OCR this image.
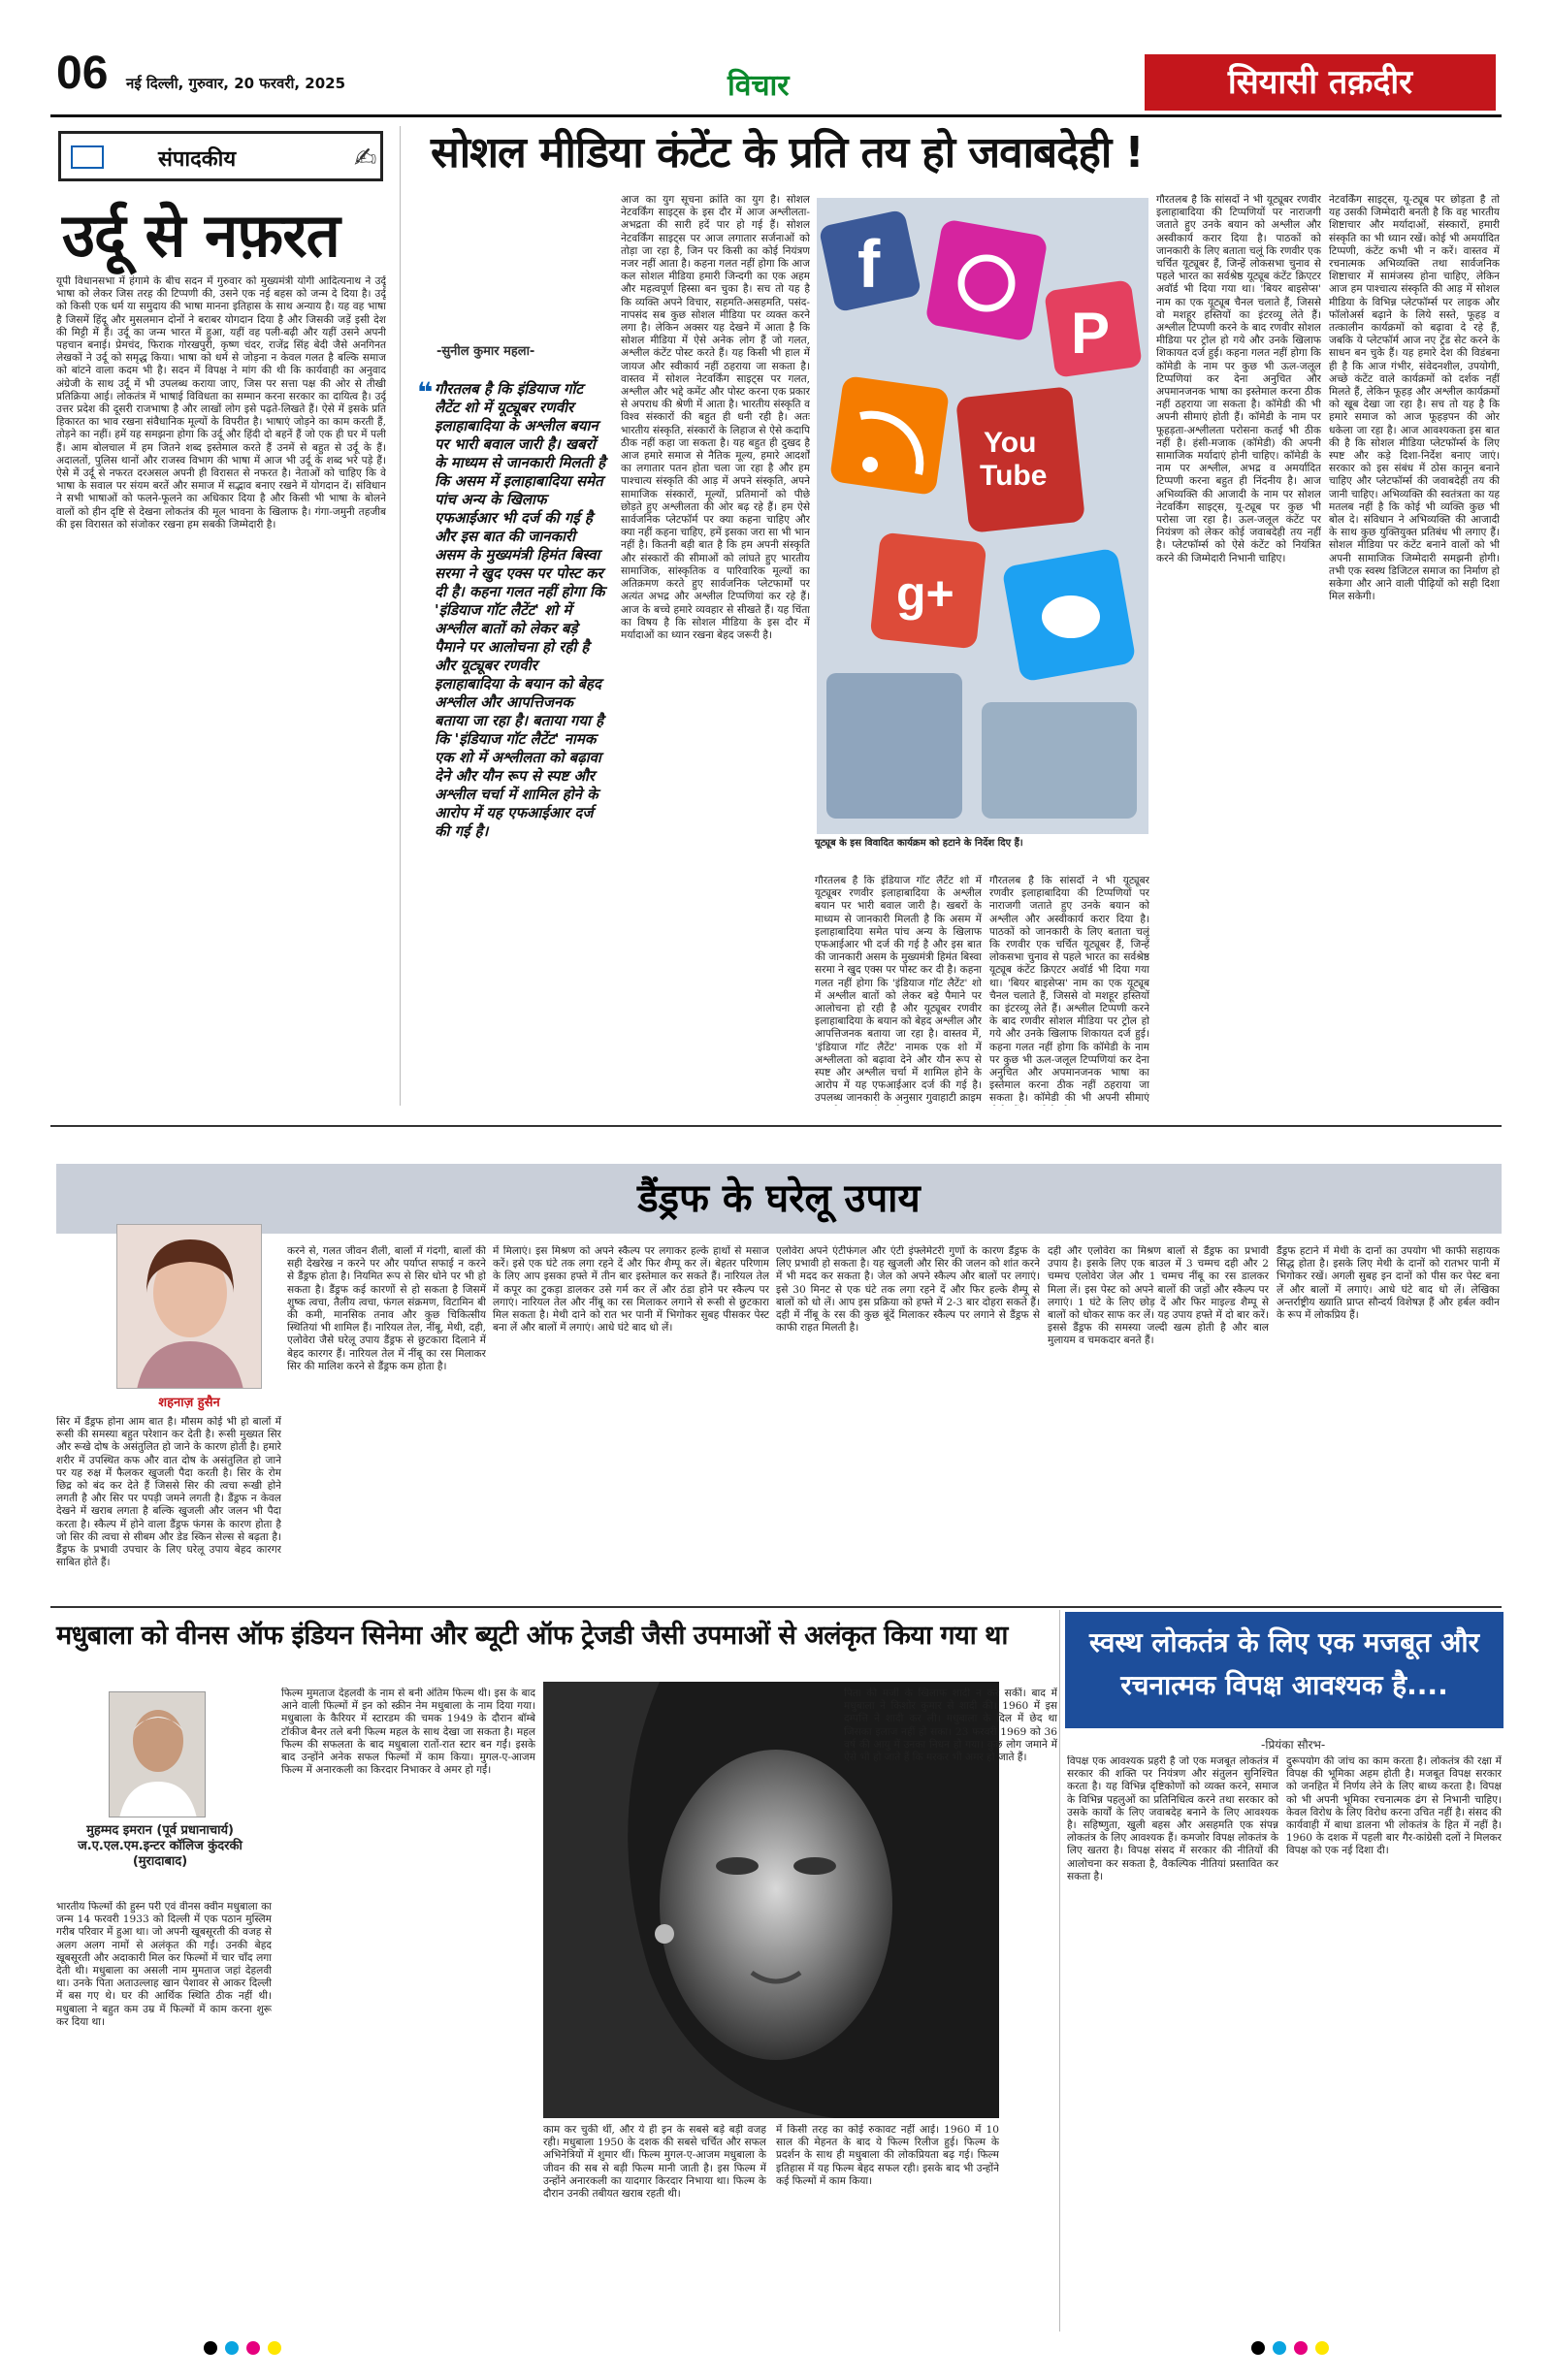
06 नई दिल्ली, गुरुवार, 20 फरवरी, 2025	विचार	सियासी तक़दीर
संपादकीय	✍
उर्दू से नफ़रत
यूपी विधानसभा में हंगामे के बीच सदन में गुरुवार को मुख्यमंत्री योगी आदित्यनाथ ने उर्दू भाषा को लेकर जिस तरह की टिप्पणी की, उसने एक नई बहस को जन्म दे दिया है। उर्दू को किसी एक धर्म या समुदाय की भाषा मानना इतिहास के साथ अन्याय है। यह वह भाषा है जिसमें हिंदू और मुसलमान दोनों ने बराबर योगदान दिया है और जिसकी जड़ें इसी देश की मिट्टी में हैं। उर्दू का जन्म भारत में हुआ, यहीं वह पली-बढ़ी और यहीं उसने अपनी पहचान बनाई। प्रेमचंद, फिराक गोरखपुरी, कृष्ण चंदर, राजेंद्र सिंह बेदी जैसे अनगिनत लेखकों ने उर्दू को समृद्ध किया। भाषा को धर्म से जोड़ना न केवल गलत है बल्कि समाज को बांटने वाला कदम भी है। सदन में विपक्ष ने मांग की थी कि कार्यवाही का अनुवाद अंग्रेजी के साथ उर्दू में भी उपलब्ध कराया जाए, जिस पर सत्ता पक्ष की ओर से तीखी प्रतिक्रिया आई। लोकतंत्र में भाषाई विविधता का सम्मान करना सरकार का दायित्व है। उर्दू उत्तर प्रदेश की दूसरी राजभाषा है और लाखों लोग इसे पढ़ते-लिखते हैं। ऐसे में इसके प्रति हिकारत का भाव रखना संवैधानिक मूल्यों के विपरीत है। भाषाएं जोड़ने का काम करती हैं, तोड़ने का नहीं। हमें यह समझना होगा कि उर्दू और हिंदी दो बहनें हैं जो एक ही घर में पली हैं। आम बोलचाल में हम जितने शब्द इस्तेमाल करते हैं उनमें से बहुत से उर्दू के हैं। अदालतों, पुलिस थानों और राजस्व विभाग की भाषा में आज भी उर्दू के शब्द भरे पड़े हैं। ऐसे में उर्दू से नफरत दरअसल अपनी ही विरासत से नफरत है। नेताओं को चाहिए कि वे भाषा के सवाल पर संयम बरतें और समाज में सद्भाव बनाए रखने में योगदान दें। संविधान ने सभी भाषाओं को फलने-फूलने का अधिकार दिया है और किसी भी भाषा के बोलने वालों को हीन दृष्टि से देखना लोकतंत्र की मूल भावना के खिलाफ है। गंगा-जमुनी तहजीब की इस विरासत को संजोकर रखना हम सबकी जिम्मेदारी है।
सोशल मीडिया कंटेंट के प्रति तय हो जवाबदेही !
-सुनील कुमार महला-
❝ गौरतलब है कि इंडियाज गॉट लैटेंट शो में यूट्यूबर रणवीर इलाहाबादिया के अश्लील बयान पर भारी बवाल जारी है। खबरों के माध्यम से जानकारी मिलती है कि असम में इलाहाबादिया समेत पांच अन्य के खिलाफ एफआईआर भी दर्ज की गई है और इस बात की जानकारी असम के मुख्यमंत्री हिमंत बिस्वा सरमा ने खुद एक्स पर पोस्ट कर दी है। कहना गलत नहीं होगा कि 'इंडियाज गॉट लैटेंट' शो में अश्लील बातों को लेकर बड़े पैमाने पर आलोचना हो रही है और यूट्यूबर रणवीर इलाहाबादिया के बयान को बेहद अश्लील और आपत्तिजनक बताया जा रहा है। बताया गया है कि 'इंडियाज गॉट लैटेंट' नामक एक शो में अश्लीलता को बढ़ावा देने और यौन रूप से स्पष्ट और अश्लील चर्चा में शामिल होने के आरोप में यह एफआईआर दर्ज की गई है।
आज का युग सूचना क्रांति का युग है। सोशल नेटवर्किंग साइट्स के इस दौर में आज अश्लीलता-अभद्रता की सारी हदें पार हो गई हैं। सोशल नेटवर्किंग साइट्स पर आज लगातार सर्जनाओं को तोड़ा जा रहा है, जिन पर किसी का कोई नियंत्रण नजर नहीं आता है। कहना गलत नहीं होगा कि आज कल सोशल मीडिया हमारी जिन्दगी का एक अहम और महत्वपूर्ण हिस्सा बन चुका है। सच तो यह है कि व्यक्ति अपने विचार, सहमति-असहमति, पसंद-नापसंद सब कुछ सोशल मीडिया पर व्यक्त करने लगा है। लेकिन अक्सर यह देखने में आता है कि सोशल मीडिया में ऐसे अनेक लोग हैं जो गलत, अश्लील कंटेंट पोस्ट करते हैं। यह किसी भी हाल में जायज और स्वीकार्य नहीं ठहराया जा सकता है। वास्तव में सोशल नेटवर्किंग साइट्स पर गलत, अश्लील और भद्दे कमेंट और पोस्ट करना एक प्रकार से अपराध की श्रेणी में आता है। भारतीय संस्कृति व विश्व संस्कारों की बहुत ही धनी रही है। अतः भारतीय संस्कृति, संस्कारों के लिहाज से ऐसे कदापि ठीक नहीं कहा जा सकता है। यह बहुत ही दुखद है आज हमारे समाज से नैतिक मूल्य, हमारे आदर्शों का लगातार पतन होता चला जा रहा है और हम पाश्चात्य संस्कृति की आड़ में अपने संस्कृति, अपने सामाजिक संस्कारों, मूल्यों, प्रतिमानों को पीछे छोड़ते हुए अश्लीलता की ओर बढ़ रहे हैं। हम ऐसे सार्वजनिक प्लेटफॉर्म पर क्या कहना चाहिए और क्या नहीं कहना चाहिए, हमें इसका जरा सा भी भान नहीं है। कितनी बड़ी बात है कि हम अपनी संस्कृति और संस्कारों की सीमाओं को लांघते हुए भारतीय सामाजिक, सांस्कृतिक व पारिवारिक मूल्यों का अतिक्रमण करते हुए सार्वजनिक प्लेटफार्मों पर अत्यंत अभद्र और अश्लील टिप्पणियां कर रहे हैं। आज के बच्चे हमारे व्यवहार से सीखते हैं। यह चिंता का विषय है कि सोशल मीडिया के इस दौर में मर्यादाओं का ध्यान रखना बेहद जरूरी है।
f
P
You
Tube
g+
यूट्यूब के इस विवादित कार्यक्रम को हटाने के निर्देश दिए हैं।
गौरतलब है कि इंडियाज गॉट लैटेंट शो में यूट्यूबर रणवीर इलाहाबादिया के अश्लील बयान पर भारी बवाल जारी है। खबरों के माध्यम से जानकारी मिलती है कि असम में इलाहाबादिया समेत पांच अन्य के खिलाफ एफआईआर भी दर्ज की गई है और इस बात की जानकारी असम के मुख्यमंत्री हिमंत बिस्वा सरमा ने खुद एक्स पर पोस्ट कर दी है। कहना गलत नहीं होगा कि 'इंडियाज गॉट लैटेंट' शो में अश्लील बातों को लेकर बड़े पैमाने पर आलोचना हो रही है और यूट्यूबर रणवीर इलाहाबादिया के बयान को बेहद अश्लील और आपत्तिजनक बताया जा रहा है। वास्तव में, 'इंडियाज गॉट लैटेंट' नामक एक शो में अश्लीलता को बढ़ावा देने और यौन रूप से स्पष्ट और अश्लील चर्चा में शामिल होने के आरोप में यह एफआईआर दर्ज की गई है। उपलब्ध जानकारी के अनुसार गुवाहाटी क्राइम
गौरतलब है कि सांसदों ने भी यूट्यूबर रणवीर इलाहाबादिया की टिप्पणियों पर नाराजगी जताते हुए उनके बयान को अश्लील और अस्वीकार्य करार दिया है। पाठकों को जानकारी के लिए बताता चलूं कि रणवीर एक चर्चित यूट्यूबर हैं, जिन्हें लोकसभा चुनाव से पहले भारत का सर्वश्रेष्ठ यूट्यूब कंटेंट क्रिएटर अवॉर्ड भी दिया गया था। 'बियर बाइसेप्स' नाम का एक यूट्यूब चैनल चलाते हैं, जिससे वो मशहूर हस्तियों का इंटरव्यू लेते हैं। अश्लील टिप्पणी करने के बाद रणवीर सोशल मीडिया पर ट्रोल हो गये और उनके खिलाफ शिकायत दर्ज हुई। कहना गलत नहीं होगा कि कॉमेडी के नाम पर कुछ भी ऊल-जलूल टिप्पणियां कर देना अनुचित और अपमानजनक भाषा का इस्तेमाल करना ठीक नहीं ठहराया जा सकता है। कॉमेडी की भी अपनी सीमाएं
गौरतलब है कि सांसदों ने भी यूट्यूबर रणवीर इलाहाबादिया की टिप्पणियों पर नाराजगी जताते हुए उनके बयान को अश्लील और अस्वीकार्य करार दिया है। पाठकों को जानकारी के लिए बताता चलूं कि रणवीर एक चर्चित यूट्यूबर हैं, जिन्हें लोकसभा चुनाव से पहले भारत का सर्वश्रेष्ठ यूट्यूब कंटेंट क्रिएटर अवॉर्ड भी दिया गया था। 'बियर बाइसेप्स' नाम का एक यूट्यूब चैनल चलाते हैं, जिससे वो मशहूर हस्तियों का इंटरव्यू लेते हैं। अश्लील टिप्पणी करने के बाद रणवीर सोशल मीडिया पर ट्रोल हो गये और उनके खिलाफ शिकायत दर्ज हुई। कहना गलत नहीं होगा कि कॉमेडी के नाम पर कुछ भी ऊल-जलूल टिप्पणियां कर देना अनुचित और अपमानजनक भाषा का इस्तेमाल करना ठीक नहीं ठहराया जा सकता है। कॉमेडी की भी अपनी सीमाएं होती हैं। कॉमेडी के नाम पर फूहड़ता-अश्लीलता परोसना कतई भी ठीक नहीं है। हंसी-मजाक (कॉमेडी) की अपनी सामाजिक मर्यादाएं होनी चाहिए। कॉमेडी के नाम पर अश्लील, अभद्र व अमर्यादित टिप्पणी करना बहुत ही निंदनीय है। आज अभिव्यक्ति की आजादी के नाम पर सोशल नेटवर्किंग साइट्स, यू-ट्यूब पर कुछ भी परोसा जा रहा है। ऊल-जलूल कंटेंट पर नियंत्रण को लेकर कोई जवाबदेही तय नहीं है। प्लेटफॉर्म्स को ऐसे कंटेंट को नियंत्रित करने की जिम्मेदारी निभानी चाहिए।
नेटवर्किंग साइट्स, यू-ट्यूब पर छोड़ता है तो यह उसकी जिम्मेदारी बनती है कि वह भारतीय शिष्टाचार और मर्यादाओं, संस्कारों, हमारी संस्कृति का भी ध्यान रखें। कोई भी अमर्यादित टिप्पणी, कंटेंट कभी भी न करें। वास्तव में रचनात्मक अभिव्यक्ति तथा सार्वजनिक शिष्टाचार में सामंजस्य होना चाहिए, लेकिन आज हम पाश्चात्य संस्कृति की आड़ में सोशल मीडिया के विभिन्न प्लेटफॉर्म्स पर लाइक और फॉलोअर्स बढ़ाने के लिये सस्ते, फूहड़ व तत्कालीन कार्यक्रमों को बढ़ावा दे रहे हैं, जबकि ये प्लेटफॉर्म आज नए ट्रेंड सेट करने के साधन बन चुके हैं। यह हमारे देश की विडंबना ही है कि आज गंभीर, संवेदनशील, उपयोगी, अच्छे कंटेंट वाले कार्यक्रमों को दर्शक नहीं मिलते हैं, लेकिन फूहड़ और अश्लील कार्यक्रमों को खूब देखा जा रहा है। सच तो यह है कि हमारे समाज को आज फूहड़पन की ओर धकेला जा रहा है। आज आवश्यकता इस बात की है कि सोशल मीडिया प्लेटफॉर्म्स के लिए स्पष्ट और कड़े दिशा-निर्देश बनाए जाएं। सरकार को इस संबंध में ठोस कानून बनाने चाहिए और प्लेटफॉर्म्स की जवाबदेही तय की जानी चाहिए। अभिव्यक्ति की स्वतंत्रता का यह मतलब नहीं है कि कोई भी व्यक्ति कुछ भी बोल दे। संविधान ने अभिव्यक्ति की आजादी के साथ कुछ युक्तियुक्त प्रतिबंध भी लगाए हैं। सोशल मीडिया पर कंटेंट बनाने वालों को भी अपनी सामाजिक जिम्मेदारी समझनी होगी। तभी एक स्वस्थ डिजिटल समाज का निर्माण हो सकेगा और आने वाली पीढ़ियों को सही दिशा मिल सकेगी।
डैंड्रफ के घरेलू उपाय
शहनाज़ हुसैन
सिर में डैंड्रफ होना आम बात है। मौसम कोई भी हो बालों में रूसी की समस्या बहुत परेशान कर देती है। रूसी मुख्यत सिर और रूखे दोष के असंतुलित हो जाने के कारण होती है। हमारे शरीर में उपस्थित कफ और वात दोष के असंतुलित हो जाने पर यह रुक्ष में फैलकर खुजली पैदा करती है। सिर के रोम छिद्र को बंद कर देते हैं जिससे सिर की त्वचा रूखी होने लगती है और सिर पर पपड़ी जमने लगती है। डैंड्रफ न केवल देखने में खराब लगता है बल्कि खुजली और जलन भी पैदा करता है। स्कैल्प में होने वाला डैंड्रफ फंगस के कारण होता है जो सिर की त्वचा से सीबम और डेड स्किन सेल्स से बढ़ता है। डैंड्रफ के प्रभावी उपचार के लिए घरेलू उपाय बेहद कारगर साबित होते हैं।
करने से, गलत जीवन शैली, बालों में गंदगी, बालों की सही देखरेख न करने पर और पर्याप्त सफाई न करने से डैंड्रफ होता है। नियमित रूप से सिर धोने पर भी हो सकता है। डैंड्रफ कई कारणों से हो सकता है जिसमें शुष्क त्वचा, तैलीय त्वचा, फंगल संक्रमण, विटामिन बी की कमी, मानसिक तनाव और कुछ चिकित्सीय स्थितियां भी शामिल हैं। नारियल तेल, नींबू, मेथी, दही, एलोवेरा जैसे घरेलू उपाय डैंड्रफ से छुटकारा दिलाने में बेहद कारगर हैं। नारियल तेल में नींबू का रस मिलाकर सिर की मालिश करने से डैंड्रफ कम होता है।
में मिलाएं। इस मिश्रण को अपने स्कैल्प पर लगाकर हल्के हाथों से मसाज करें। इसे एक घंटे तक लगा रहने दें और फिर शैम्पू कर लें। बेहतर परिणाम के लिए आप इसका हफ्ते में तीन बार इस्तेमाल कर सकते हैं। नारियल तेल में कपूर का टुकड़ा डालकर उसे गर्म कर लें और ठंडा होने पर स्कैल्प पर लगाएं। नारियल तेल और नींबू का रस मिलाकर लगाने से रूसी से छुटकारा मिल सकता है। मेथी दाने को रात भर पानी में भिगोकर सुबह पीसकर पेस्ट बना लें और बालों में लगाएं। आधे घंटे बाद धो लें।
एलोवेरा अपने एंटीफंगल और एंटी इंफ्लेमेटरी गुणों के कारण डैंड्रफ के लिए प्रभावी हो सकता है। यह खुजली और सिर की जलन को शांत करने में भी मदद कर सकता है। जेल को अपने स्कैल्प और बालों पर लगाएं। इसे 30 मिनट से एक घंटे तक लगा रहने दें और फिर हल्के शैम्पू से बालों को धो लें। आप इस प्रक्रिया को हफ्ते में 2-3 बार दोहरा सकते हैं। दही में नींबू के रस की कुछ बूंदें मिलाकर स्कैल्प पर लगाने से डैंड्रफ से काफी राहत मिलती है।
दही और एलोवेरा का मिश्रण बालों से डैंड्रफ का प्रभावी उपाय है। इसके लिए एक बाउल में 3 चम्मच दही और 2 चम्मच एलोवेरा जेल और 1 चम्मच नींबू का रस डालकर मिला लें। इस पेस्ट को अपने बालों की जड़ों और स्कैल्प पर लगाएं। 1 घंटे के लिए छोड़ दें और फिर माइल्ड शैम्पू से बालों को धोकर साफ कर लें। यह उपाय हफ्ते में दो बार करें। इससे डैंड्रफ की समस्या जल्दी खत्म होती है और बाल मुलायम व चमकदार बनते हैं।
डैंड्रफ हटाने में मेथी के दानों का उपयोग भी काफी सहायक सिद्ध होता है। इसके लिए मेथी के दानों को रातभर पानी में भिगोकर रखें। अगली सुबह इन दानों को पीस कर पेस्ट बना लें और बालों में लगाएं। आधे घंटे बाद धो लें। लेखिका अन्तर्राष्ट्रीय ख्याति प्राप्त सौन्दर्य विशेषज्ञ हैं और हर्बल क्वीन के रूप में लोकप्रिय हैं।
मधुबाला को वीनस ऑफ इंडियन सिनेमा और ब्यूटी ऑफ ट्रेजडी जैसी उपमाओं से अलंकृत किया गया था
मुहम्मद इमरान (पूर्व प्रधानाचार्य) ज.ए.एल.एम.इन्टर कॉलिज कुंदरकी (मुरादाबाद)
भारतीय फिल्मों की हुस्न परी एवं वीनस क्वीन मधुबाला का जन्म 14 फरवरी 1933 को दिल्ली में एक पठान मुस्लिम गरीब परिवार में हुआ था। जो अपनी खूबसूरती की वजह से अलग अलग नामों से अलंकृत की गईं। उनकी बेहद खूबसूरती और अदाकारी मिल कर फिल्मों में चार चाँद लगा देती थी। मधुबाला का असली नाम मुमताज जहां देहलवी था। उनके पिता अताउल्लाह खान पेशावर से आकर दिल्ली में बस गए थे। घर की आर्थिक स्थिति ठीक नहीं थी। मधुबाला ने बहुत कम उम्र में फिल्मों में काम करना शुरू कर दिया था।
फिल्म मुमताज देहलवी के नाम से बनी अंतिम फिल्म थी। इस के बाद आने वाली फिल्मों में इन को स्क्रीन नेम मधुबाला के नाम दिया गया। मधुबाला के कैरियर में स्टारडम की चमक 1949 के दौरान बॉम्बे टॉकीज बैनर तले बनी फिल्म महल के साथ देखा जा सकता है। महल फिल्म की सफलता के बाद मधुबाला रातों-रात स्टार बन गईं। इसके बाद उन्होंने अनेक सफल फिल्मों में काम किया। मुगल-ए-आजम फिल्म में अनारकली का किरदार निभाकर वे अमर हो गईं।
काम कर चुकी थीं, और ये ही इन के सबसे बड़े बड़ी वजह रही। मधुबाला 1950 के दशक की सबसे चर्चित और सफल अभिनेत्रियों में शुमार थीं। फिल्म मुगल-ए-आजम मधुबाला के जीवन की सब से बड़ी फिल्म मानी जाती है। इस फिल्म में उन्होंने अनारकली का यादगार किरदार निभाया था। फिल्म के दौरान उनकी तबीयत खराब रहती थी।
में किसी तरह का कोई रुकावट नहीं आई। 1960 में 10 साल की मेहनत के बाद ये फिल्म रिलीज हुई। फिल्म के प्रदर्शन के साथ ही मधुबाला की लोकप्रियता बढ़ गई। फिल्म इतिहास में यह फिल्म बेहद सफल रही। इसके बाद भी उन्होंने कई फिल्मों में काम किया।
स्वस्थ लोकतंत्र के लिए एक मजबूत और रचनात्मक विपक्ष आवश्यक है....
-प्रियंका सौरभ-
विपक्ष एक आवश्यक प्रहरी है जो एक मजबूत लोकतंत्र में सरकार की शक्ति पर नियंत्रण और संतुलन सुनिश्चित करता है। यह विभिन्न दृष्टिकोणों को व्यक्त करने, समाज के विभिन्न पहलुओं का प्रतिनिधित्व करने तथा सरकार को उसके कार्यों के लिए जवाबदेह बनाने के लिए आवश्यक है। सहिष्णुता, खुली बहस और असहमति एक संपन्न लोकतंत्र के लिए आवश्यक हैं। कमजोर विपक्ष लोकतंत्र के लिए खतरा है। विपक्ष संसद में सरकार की नीतियों की आलोचना कर सकता है, वैकल्पिक नीतियां प्रस्तावित कर सकता है।
दुरूपयोग की जांच का काम करता है। लोकतंत्र की रक्षा में विपक्ष की भूमिका अहम होती है। मजबूत विपक्ष सरकार को जनहित में निर्णय लेने के लिए बाध्य करता है। विपक्ष को भी अपनी भूमिका रचनात्मक ढंग से निभानी चाहिए। केवल विरोध के लिए विरोध करना उचित नहीं है। संसद की कार्यवाही में बाधा डालना भी लोकतंत्र के हित में नहीं है। 1960 के दशक में पहली बार गैर-कांग्रेसी दलों ने मिलकर विपक्ष को एक नई दिशा दी।
पिता की मर्जी के खिलाफ शादी न कर सकीं। बाद में मधुबाला ने किशोर कुमार से शादी की। 1960 में इस दम्पत्ति ने शादी कर ली। मधुबाला के दिल में छेद था जिसका इलाज नहीं हो सका। 23 फरवरी 1969 को 36 वर्ष की आयु में उनका निधन हो गया। कुछ लोग जमाने में ऐसे भी हो जाते हैं कि मरकर भी अमर हो जाते हैं।
